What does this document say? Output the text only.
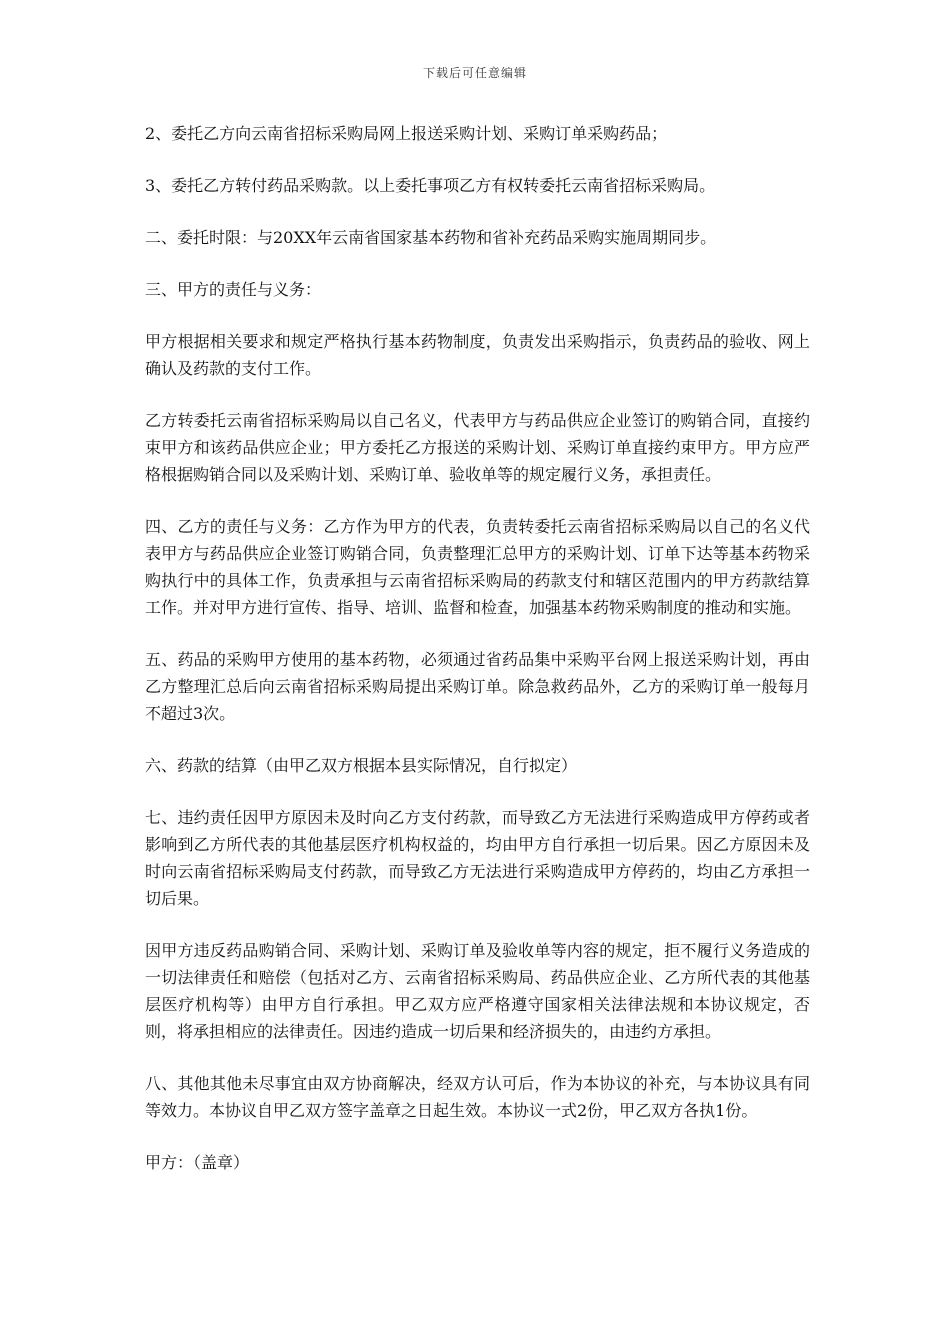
下载后可任意编辑

2、委托乙方向云南省招标采购局网上报送采购计划、采购订单采购药品；

3、委托乙方转付药品采购款。以上委托事项乙方有权转委托云南省招标采购局。

二、委托时限：与20XX年云南省国家基本药物和省补充药品采购实施周期同步。

三、甲方的责任与义务：

甲方根据相关要求和规定严格执行基本药物制度，负责发出采购指示，负责药品的验收、网上确认及药款的支付工作。

乙方转委托云南省招标采购局以自己名义，代表甲方与药品供应企业签订的购销合同，直接约束甲方和该药品供应企业；甲方委托乙方报送的采购计划、采购订单直接约束甲方。甲方应严格根据购销合同以及采购计划、采购订单、验收单等的规定履行义务，承担责任。

四、乙方的责任与义务：乙方作为甲方的代表，负责转委托云南省招标采购局以自己的名义代表甲方与药品供应企业签订购销合同，负责整理汇总甲方的采购计划、订单下达等基本药物采购执行中的具体工作，负责承担与云南省招标采购局的药款支付和辖区范围内的甲方药款结算工作。并对甲方进行宣传、指导、培训、监督和检查，加强基本药物采购制度的推动和实施。

五、药品的采购甲方使用的基本药物，必须通过省药品集中采购平台网上报送采购计划，再由乙方整理汇总后向云南省招标采购局提出采购订单。除急救药品外，乙方的采购订单一般每月不超过3次。

六、药款的结算（由甲乙双方根据本县实际情况，自行拟定）

七、违约责任因甲方原因未及时向乙方支付药款，而导致乙方无法进行采购造成甲方停药或者影响到乙方所代表的其他基层医疗机构权益的，均由甲方自行承担一切后果。因乙方原因未及时向云南省招标采购局支付药款，而导致乙方无法进行采购造成甲方停药的，均由乙方承担一切后果。

因甲方违反药品购销合同、采购计划、采购订单及验收单等内容的规定，拒不履行义务造成的一切法律责任和赔偿（包括对乙方、云南省招标采购局、药品供应企业、乙方所代表的其他基层医疗机构等）由甲方自行承担。甲乙双方应严格遵守国家相关法律法规和本协议规定，否则，将承担相应的法律责任。因违约造成一切后果和经济损失的，由违约方承担。

八、其他其他未尽事宜由双方协商解决，经双方认可后，作为本协议的补充，与本协议具有同等效力。本协议自甲乙双方签字盖章之日起生效。本协议一式2份，甲乙双方各执1份。

甲方：（盖章）
